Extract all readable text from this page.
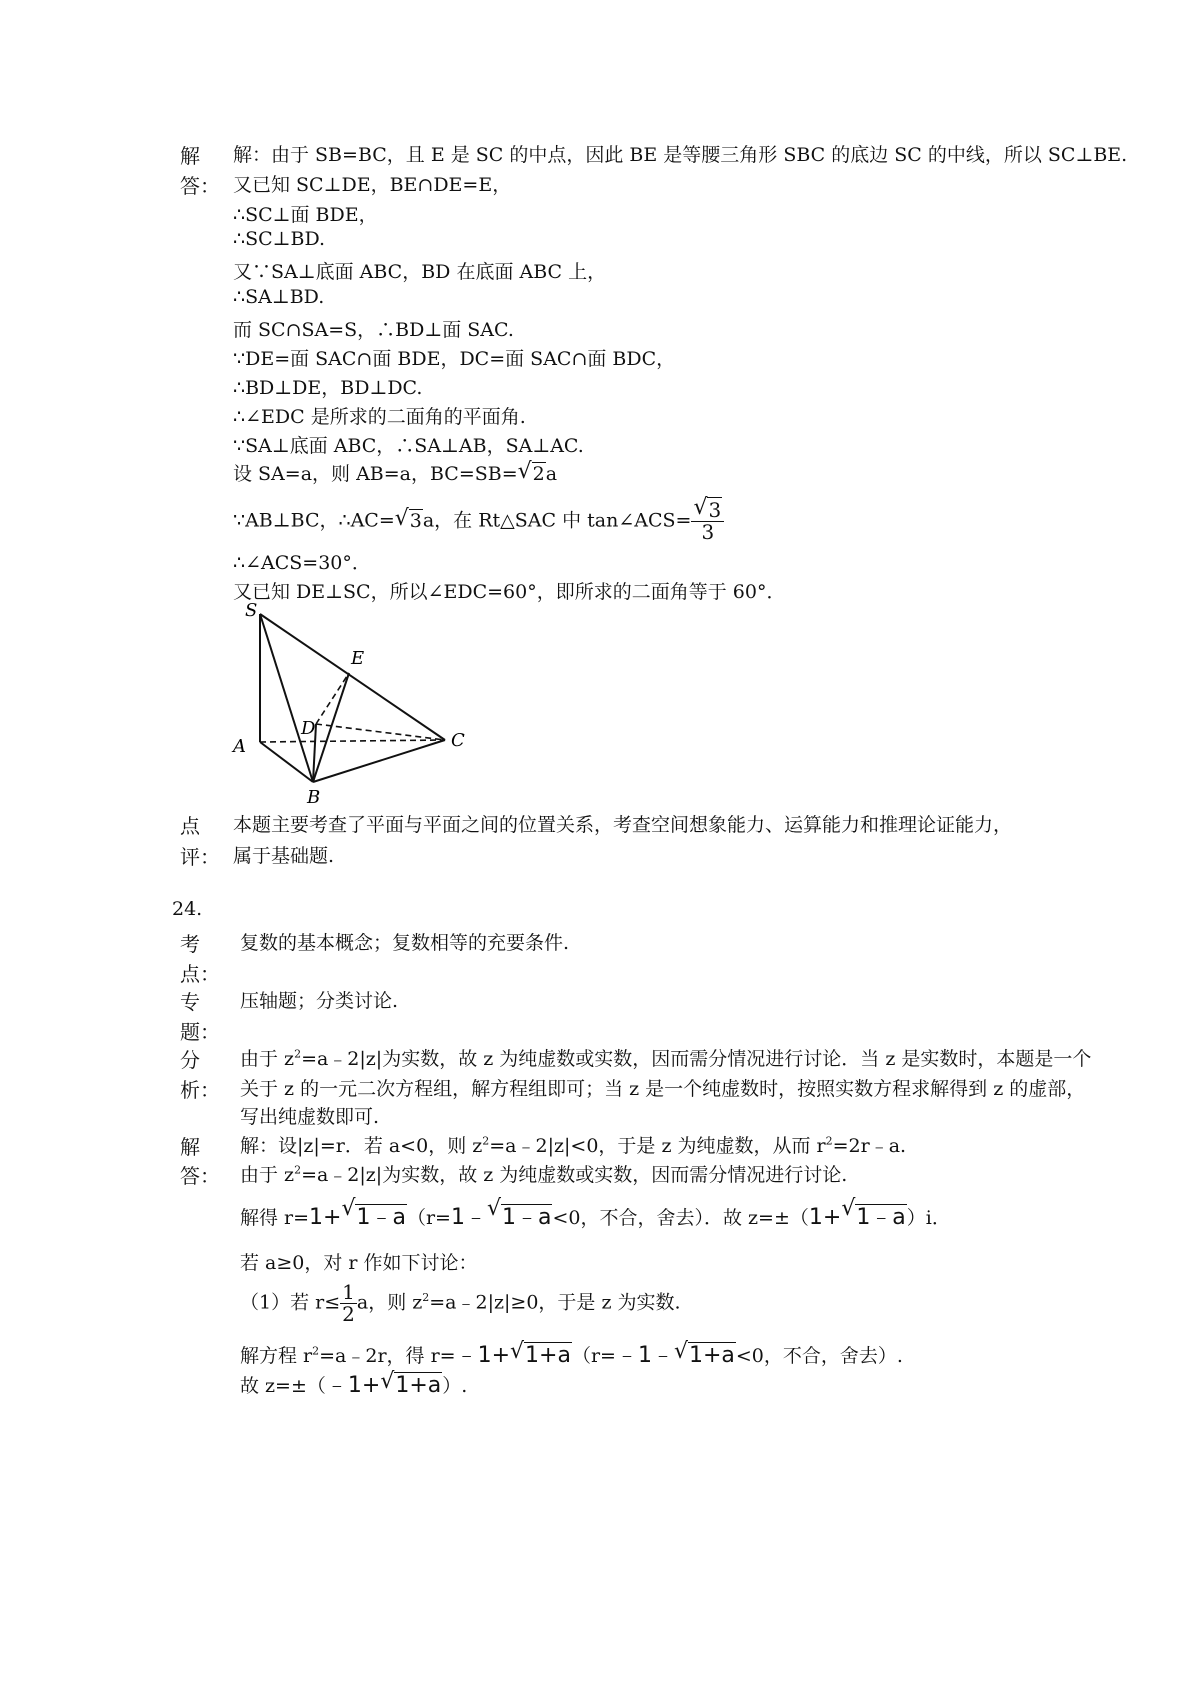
解
答：
解：由于 SB=BC，且 E 是 SC 的中点，因此 BE 是等腰三角形 SBC 的底边 SC 的中线，所以 SC⊥BE.
又已知 SC⊥DE，BE∩DE=E，
∴SC⊥面 BDE，
∴SC⊥BD.
又∵SA⊥底面 ABC，BD 在底面 ABC 上，
∴SA⊥BD.
而 SC∩SA=S，∴BD⊥面 SAC.
∵DE=面 SAC∩面 BDE，DC=面 SAC∩面 BDC，
∴BD⊥DE，BD⊥DC.
∴∠EDC 是所求的二面角的平面角.
∵SA⊥底面 ABC，∴SA⊥AB，SA⊥AC.
设 SA=a，则 AB=a，BC=SB= √ 2a
∵AB⊥BC，∴AC= √ 3a，在 Rt△SAC 中 tan∠ACS= √ $\frac{3}{3}$
∴∠ACS=30°．
又已知 DE⊥SC，所以∠EDC=60°，即所求的二面角等于 60°．
S
E
D
A	C
B
点
评：
本题主要考查了平面与平面之间的位置关系，考查空间想象能力、运算能力和推理论证能力，
属于基础题.
24.
考
点：
复数的基本概念；复数相等的充要条件.
专
题：
压轴题；分类讨论.
分
析：
由于 $z^2=a﹣2|z|$为实数，故 z 为纯虚数或实数，因而需分情况进行讨论．当 z 是实数时，本题是一个
关于 z 的一元二次方程组，解方程组即可；当 z 是一个纯虚数时，按照实数方程求解得到 z 的虚部，
写出纯虚数即可.
解
答：
解：设|z|=r．若 a<0，则 $z^2=a﹣2|z|<0$，于是 z 为纯虚数，从而 $r^2=2r﹣a$.
由于 $z^2=a﹣2|z|$为实数，故 z 为纯虚数或实数，因而需分情况进行讨论.
解得 r=1+ √ 1﹣a（r=1﹣ √ 1﹣a<0，不合，舍去）．故 z=±（1+ √ 1﹣a）i．
若 a≥0，对 r 作如下讨论：
（1）若 $r\le \frac{1}{2}$ a，则 $z^2=a﹣2|z|\ge 0$，于是 z 为实数.
解方程 $r^2=a﹣2r$，得 r=﹣1+ √ 1+a（r=﹣1﹣ √ 1+a<0，不合，舍去）.
故 z=±（﹣1+ √ 1+a）.
